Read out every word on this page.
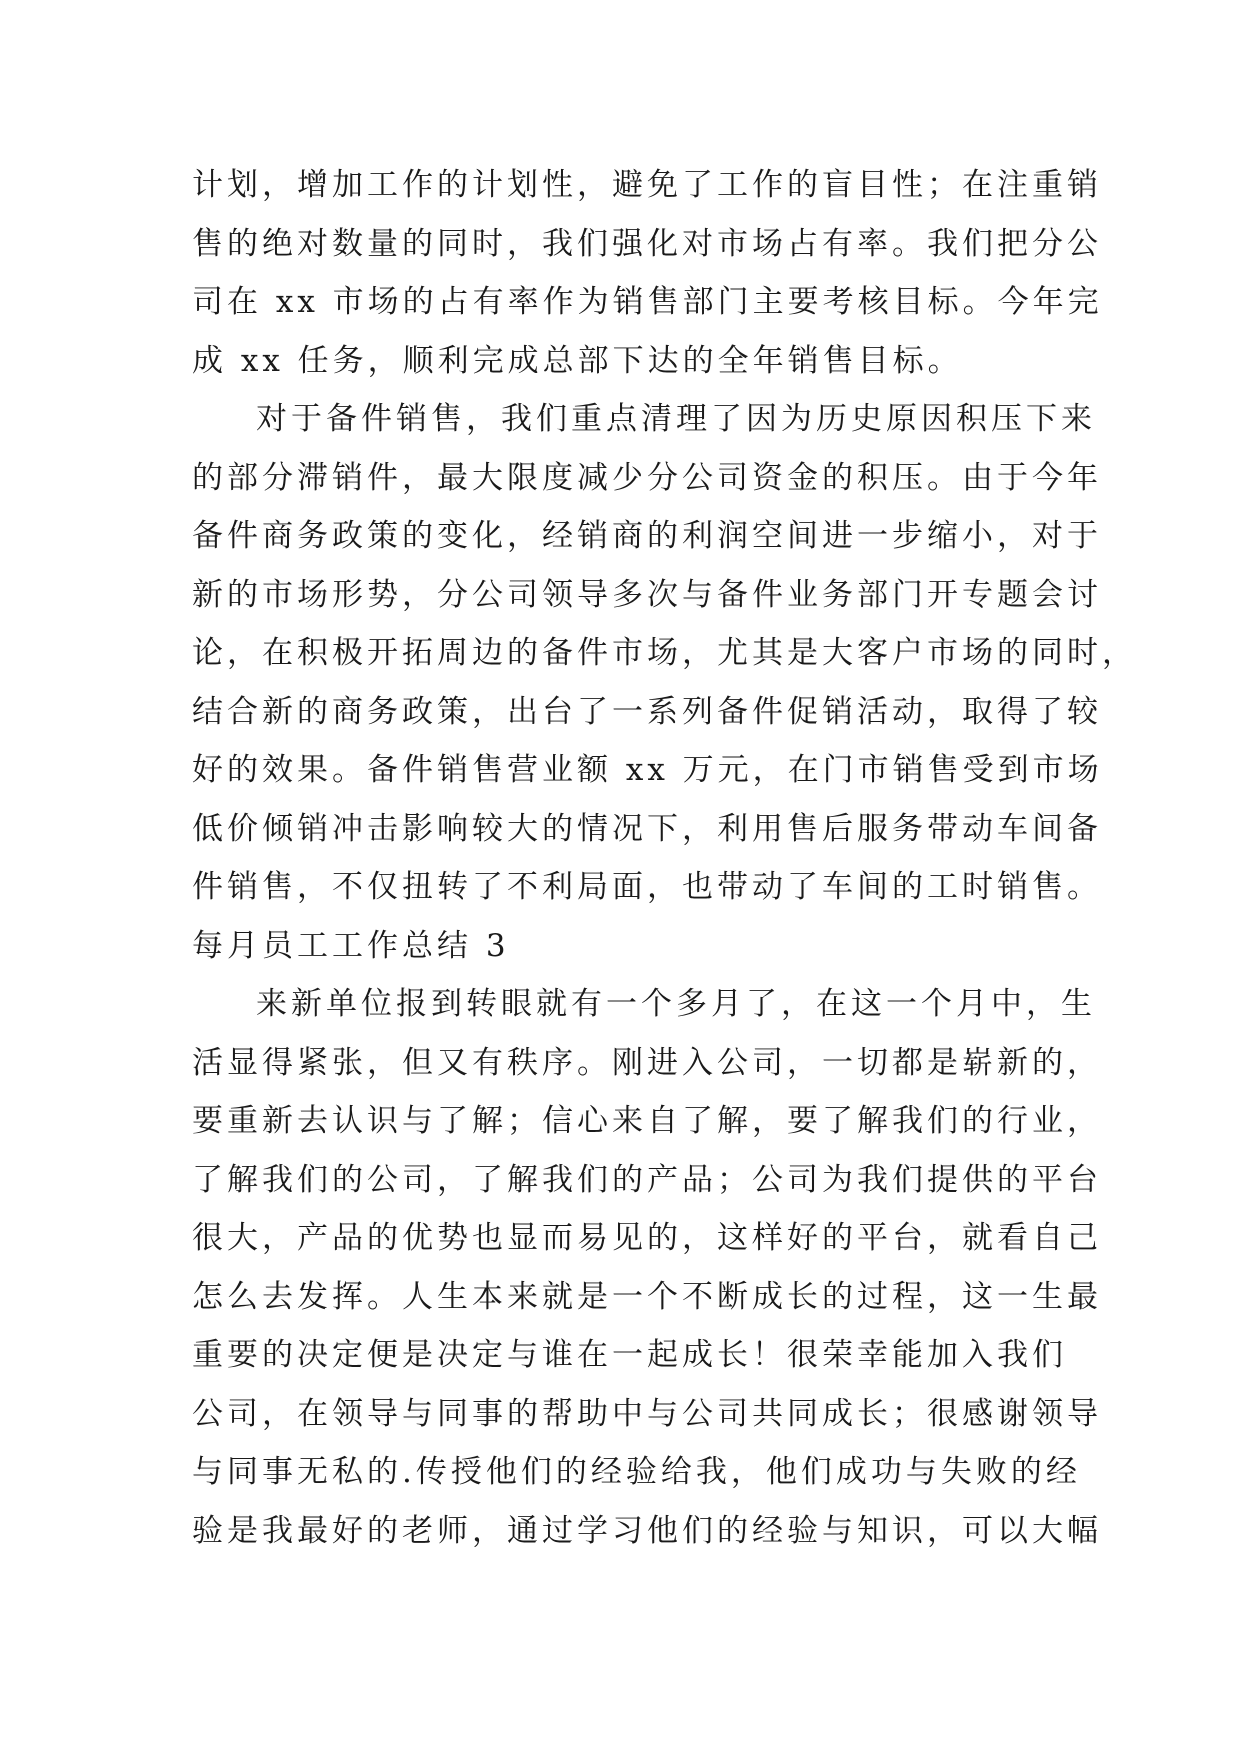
计划，增加工作的计划性，避免了工作的盲目性；在注重销
售的绝对数量的同时，我们强化对市场占有率。我们把分公
司在 xx 市场的占有率作为销售部门主要考核目标。今年完
成 xx 任务，顺利完成总部下达的全年销售目标。
对于备件销售，我们重点清理了因为历史原因积压下来
的部分滞销件，最大限度减少分公司资金的积压。由于今年
备件商务政策的变化，经销商的利润空间进一步缩小，对于
新的市场形势，分公司领导多次与备件业务部门开专题会讨
论，在积极开拓周边的备件市场，尤其是大客户市场的同时，
结合新的商务政策，出台了一系列备件促销活动，取得了较
好的效果。备件销售营业额 xx 万元，在门市销售受到市场
低价倾销冲击影响较大的情况下，利用售后服务带动车间备
件销售，不仅扭转了不利局面，也带动了车间的工时销售。
每月员工工作总结 3
来新单位报到转眼就有一个多月了，在这一个月中，生
活显得紧张，但又有秩序。刚进入公司，一切都是崭新的，
要重新去认识与了解；信心来自了解，要了解我们的行业，
了解我们的公司，了解我们的产品；公司为我们提供的平台
很大，产品的优势也显而易见的，这样好的平台，就看自己
怎么去发挥。人生本来就是一个不断成长的过程，这一生最
重要的决定便是决定与谁在一起成长！很荣幸能加入我们
公司，在领导与同事的帮助中与公司共同成长；很感谢领导
与同事无私的.传授他们的经验给我，他们成功与失败的经
验是我最好的老师，通过学习他们的经验与知识，可以大幅
